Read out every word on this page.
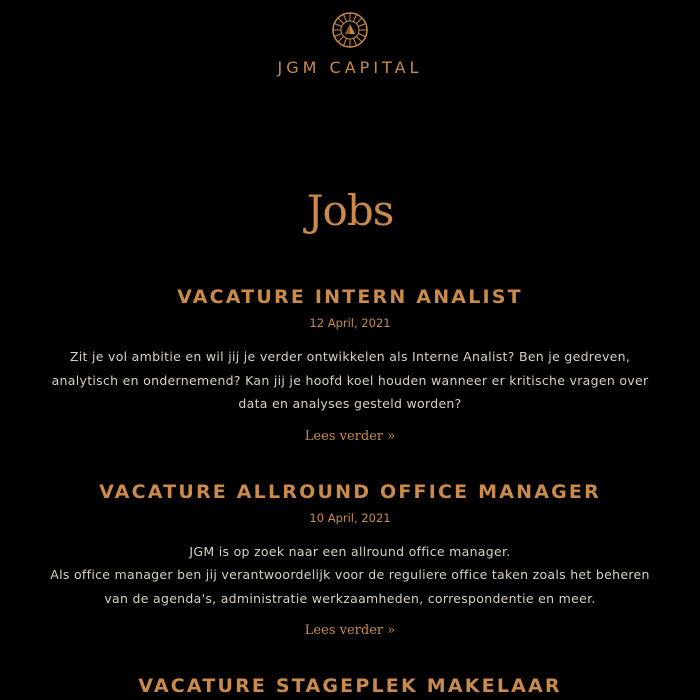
JGM CAPITAL
Jobs
VACATURE INTERN ANALIST
12 April, 2021

Zit je vol ambitie en wil jij je verder ontwikkelen als Interne Analist? Ben je gedreven, analytisch en ondernemend? Kan jij je hoofd koel houden wanneer er kritische vragen over data en analyses gesteld worden?

Lees verder »
VACATURE ALLROUND OFFICE MANAGER
10 April, 2021

JGM is op zoek naar een allround office manager.

Als office manager ben jij verantwoordelijk voor de reguliere office taken zoals het beheren van de agenda's, administratie werkzaamheden, correspondentie en meer.

Lees verder »
VACATURE STAGEPLEK MAKELAAR
